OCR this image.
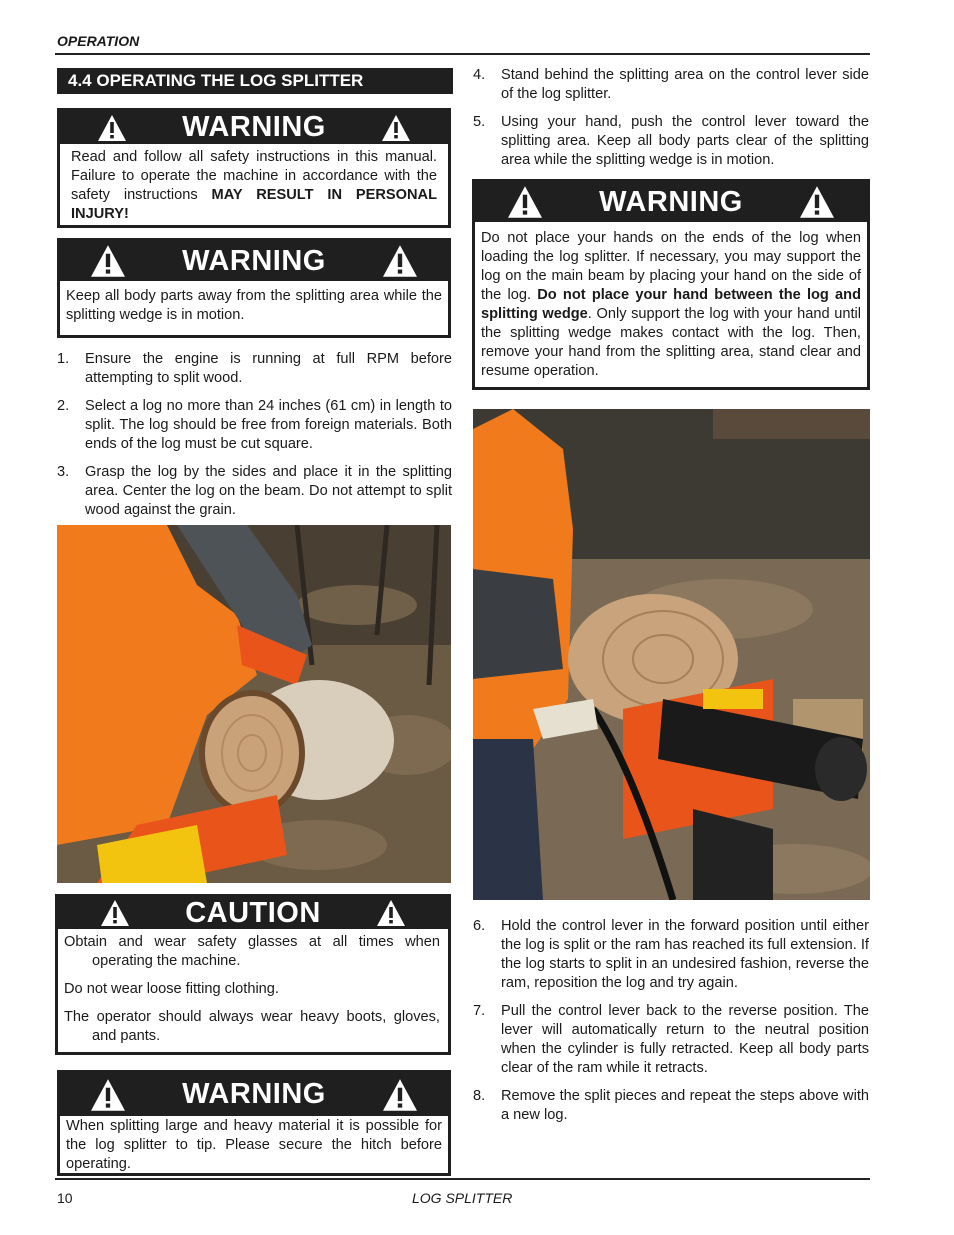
OPERATION
4.4 OPERATING THE LOG SPLITTER
WARNING

Read and follow all safety instructions in this manual. Failure to operate the machine in accordance with the safety instructions MAY RESULT IN PERSONAL INJURY!

WARNING

Keep all body parts away from the splitting area while the splitting wedge is in motion.

1. Ensure the engine is running at full RPM before attempting to split wood.
2. Select a log no more than 24 inches (61 cm) in length to split. The log should be free from foreign materials. Both ends of the log must be cut square.
3. Grasp the log by the sides and place it in the splitting area. Center the log on the beam. Do not attempt to split wood against the grain.
CAUTION

Obtain and wear safety glasses at all times when operating the machine.

Do not wear loose fitting clothing.

The operator should always wear heavy boots, gloves, and pants.

WARNING

When splitting large and heavy material it is possible for the log splitter to tip. Please secure the hitch before operating.

4. Stand behind the splitting area on the control lever side of the log splitter.
5. Using your hand, push the control lever toward the splitting area. Keep all body parts clear of the splitting area while the splitting wedge is in motion.
WARNING

Do not place your hands on the ends of the log when loading the log splitter. If necessary, you may support the log on the main beam by placing your hand on the side of the log. Do not place your hand between the log and splitting wedge. Only support the log with your hand until the splitting wedge makes contact with the log. Then, remove your hand from the splitting area, stand clear and resume operation.

6. Hold the control lever in the forward position until either the log is split or the ram has reached its full extension. If the log starts to split in an undesired fashion, reverse the ram, reposition the log and try again.
7. Pull the control lever back to the reverse position. The lever will automatically return to the neutral position when the cylinder is fully retracted. Keep all body parts clear of the ram while it retracts.
8. Remove the split pieces and repeat the steps above with a new log.
10	LOG SPLITTER
